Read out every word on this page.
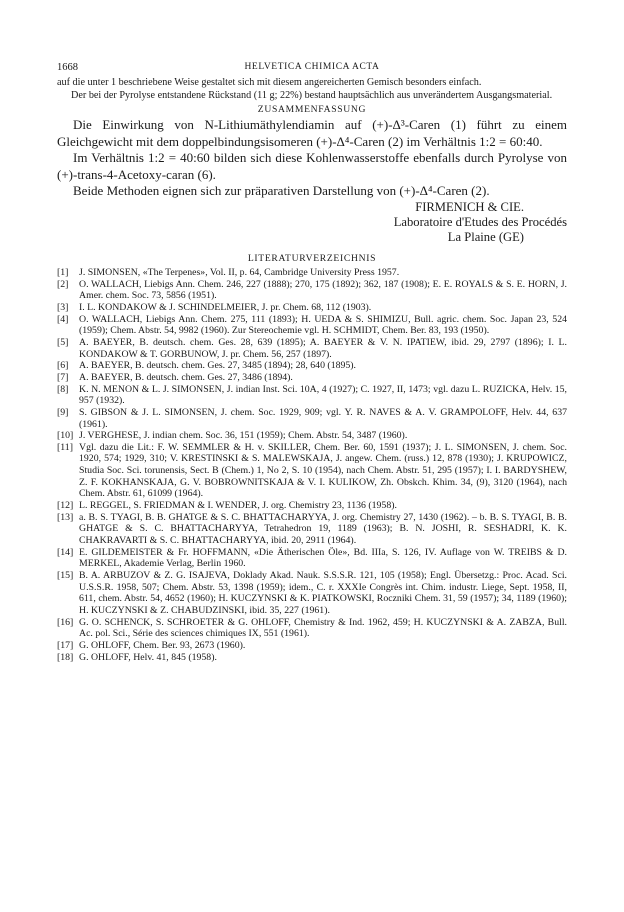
1668	HELVETICA CHIMICA ACTA

auf die unter 1 beschriebene Weise gestaltet sich mit diesem angereicherten Gemisch besonders einfach.

Der bei der Pyrolyse entstandene Rückstand (11 g; 22%) bestand hauptsächlich aus unverändertem Ausgangsmaterial.

ZUSAMMENFASSUNG

Die Einwirkung von N-Lithiumäthylendiamin auf (+)-Δ³-Caren (1) führt zu einem Gleichgewicht mit dem doppelbindungsisomeren (+)-Δ⁴-Caren (2) im Verhältnis 1:2 = 60:40.

Im Verhältnis 1:2 = 40:60 bilden sich diese Kohlenwasserstoffe ebenfalls durch Pyrolyse von (+)-trans-4-Acetoxy-caran (6).

Beide Methoden eignen sich zur präparativen Darstellung von (+)-Δ⁴-Caren (2).

FIRMENICH & CIE.
Laboratoire d'Etudes des Procédés
La Plaine (GE)
LITERATURVERZEICHNIS
[1]	J. SIMONSEN, «The Terpenes», Vol. II, p. 64, Cambridge University Press 1957.
[2]	O. WALLACH, Liebigs Ann. Chem. 246, 227 (1888); 270, 175 (1892); 362, 187 (1908); E. E. ROYALS & S. E. HORN, J. Amer. chem. Soc. 73, 5856 (1951).
[3]	I. L. KONDAKOW & J. SCHINDELMEIER, J. pr. Chem. 68, 112 (1903).
[4]	O. WALLACH, Liebigs Ann. Chem. 275, 111 (1893); H. UEDA & S. SHIMIZU, Bull. agric. chem. Soc. Japan 23, 524 (1959); Chem. Abstr. 54, 9982 (1960). Zur Stereochemie vgl. H. SCHMIDT, Chem. Ber. 83, 193 (1950).
[5]	A. BAEYER, B. deutsch. chem. Ges. 28, 639 (1895); A. BAEYER & V. N. IPATIEW, ibid. 29, 2797 (1896); I. L. KONDAKOW & T. GORBUNOW, J. pr. Chem. 56, 257 (1897).
[6]	A. BAEYER, B. deutsch. chem. Ges. 27, 3485 (1894); 28, 640 (1895).
[7]	A. BAEYER, B. deutsch. chem. Ges. 27, 3486 (1894).
[8]	K. N. MENON & L. J. SIMONSEN, J. indian Inst. Sci. 10A, 4 (1927); C. 1927, II, 1473; vgl. dazu L. RUZICKA, Helv. 15, 957 (1932).
[9]	S. GIBSON & J. L. SIMONSEN, J. chem. Soc. 1929, 909; vgl. Y. R. NAVES & A. V. GRAMPOLOFF, Helv. 44, 637 (1961).
[10] J. VERGHESE, J. indian chem. Soc. 36, 151 (1959); Chem. Abstr. 54, 3487 (1960).
[11] Vgl. dazu die Lit.: F. W. SEMMLER & H. v. SKILLER, Chem. Ber. 60, 1591 (1937); J. L. SIMONSEN, J. chem. Soc. 1920, 574; 1929, 310; V. KRESTINSKI & S. MALEWSKAJA, J. angew. Chem. (russ.) 12, 878 (1930); J. KRUPOWICZ, Studia Soc. Sci. torunensis, Sect. B (Chem.) 1, No 2, S. 10 (1954), nach Chem. Abstr. 51, 295 (1957); I. I. BARDYSHEW, Z. F. KOKHANSKAJA, G. V. BOBROWNITSKAJA & V. I. KULIKOW, Zh. Obskch. Khim. 34, (9), 3120 (1964), nach Chem. Abstr. 61, 61099 (1964).
[12] L. REGGEL, S. FRIEDMAN & I. WENDER, J. org. Chemistry 23, 1136 (1958).
[13] a. B. S. TYAGI, B. B. GHATGE & S. C. BHATTACHARYYA, J. org. Chemistry 27, 1430 (1962). – b. B. S. TYAGI, B. B. GHATGE & S. C. BHATTACHARYYA, Tetrahedron 19, 1189 (1963); B. N. JOSHI, R. SESHADRI, K. K. CHAKRAVARTI & S. C. BHATTACHARYYA, ibid. 20, 2911 (1964).
[14] E. GILDEMEISTER & Fr. HOFFMANN, «Die Ätherischen Öle», Bd. IIIa, S. 126, IV. Auflage von W. TREIBS & D. MERKEL, Akademie Verlag, Berlin 1960.
[15] B. A. ARBUZOV & Z. G. ISAJEVA, Doklady Akad. Nauk. S.S.S.R. 121, 105 (1958); Engl. Übersetzg.: Proc. Acad. Sci. U.S.S.R. 1958, 507; Chem. Abstr. 53, 1398 (1959); idem., C. r. XXXIe Congrès int. Chim. industr. Liege, Sept. 1958, II, 611, chem. Abstr. 54, 4652 (1960); H. KUCZYNSKI & K. PIATKOWSKI, Roczniki Chem. 31, 59 (1957); 34, 1189 (1960); H. KUCZYNSKI & Z. CHABUDZINSKI, ibid. 35, 227 (1961).
[16] G. O. SCHENCK, S. SCHROETER & G. OHLOFF, Chemistry & Ind. 1962, 459; H. KUCZYNSKI & A. ZABZA, Bull. Ac. pol. Sci., Série des sciences chimiques IX, 551 (1961).
[17] G. OHLOFF, Chem. Ber. 93, 2673 (1960).
[18] G. OHLOFF, Helv. 41, 845 (1958).
